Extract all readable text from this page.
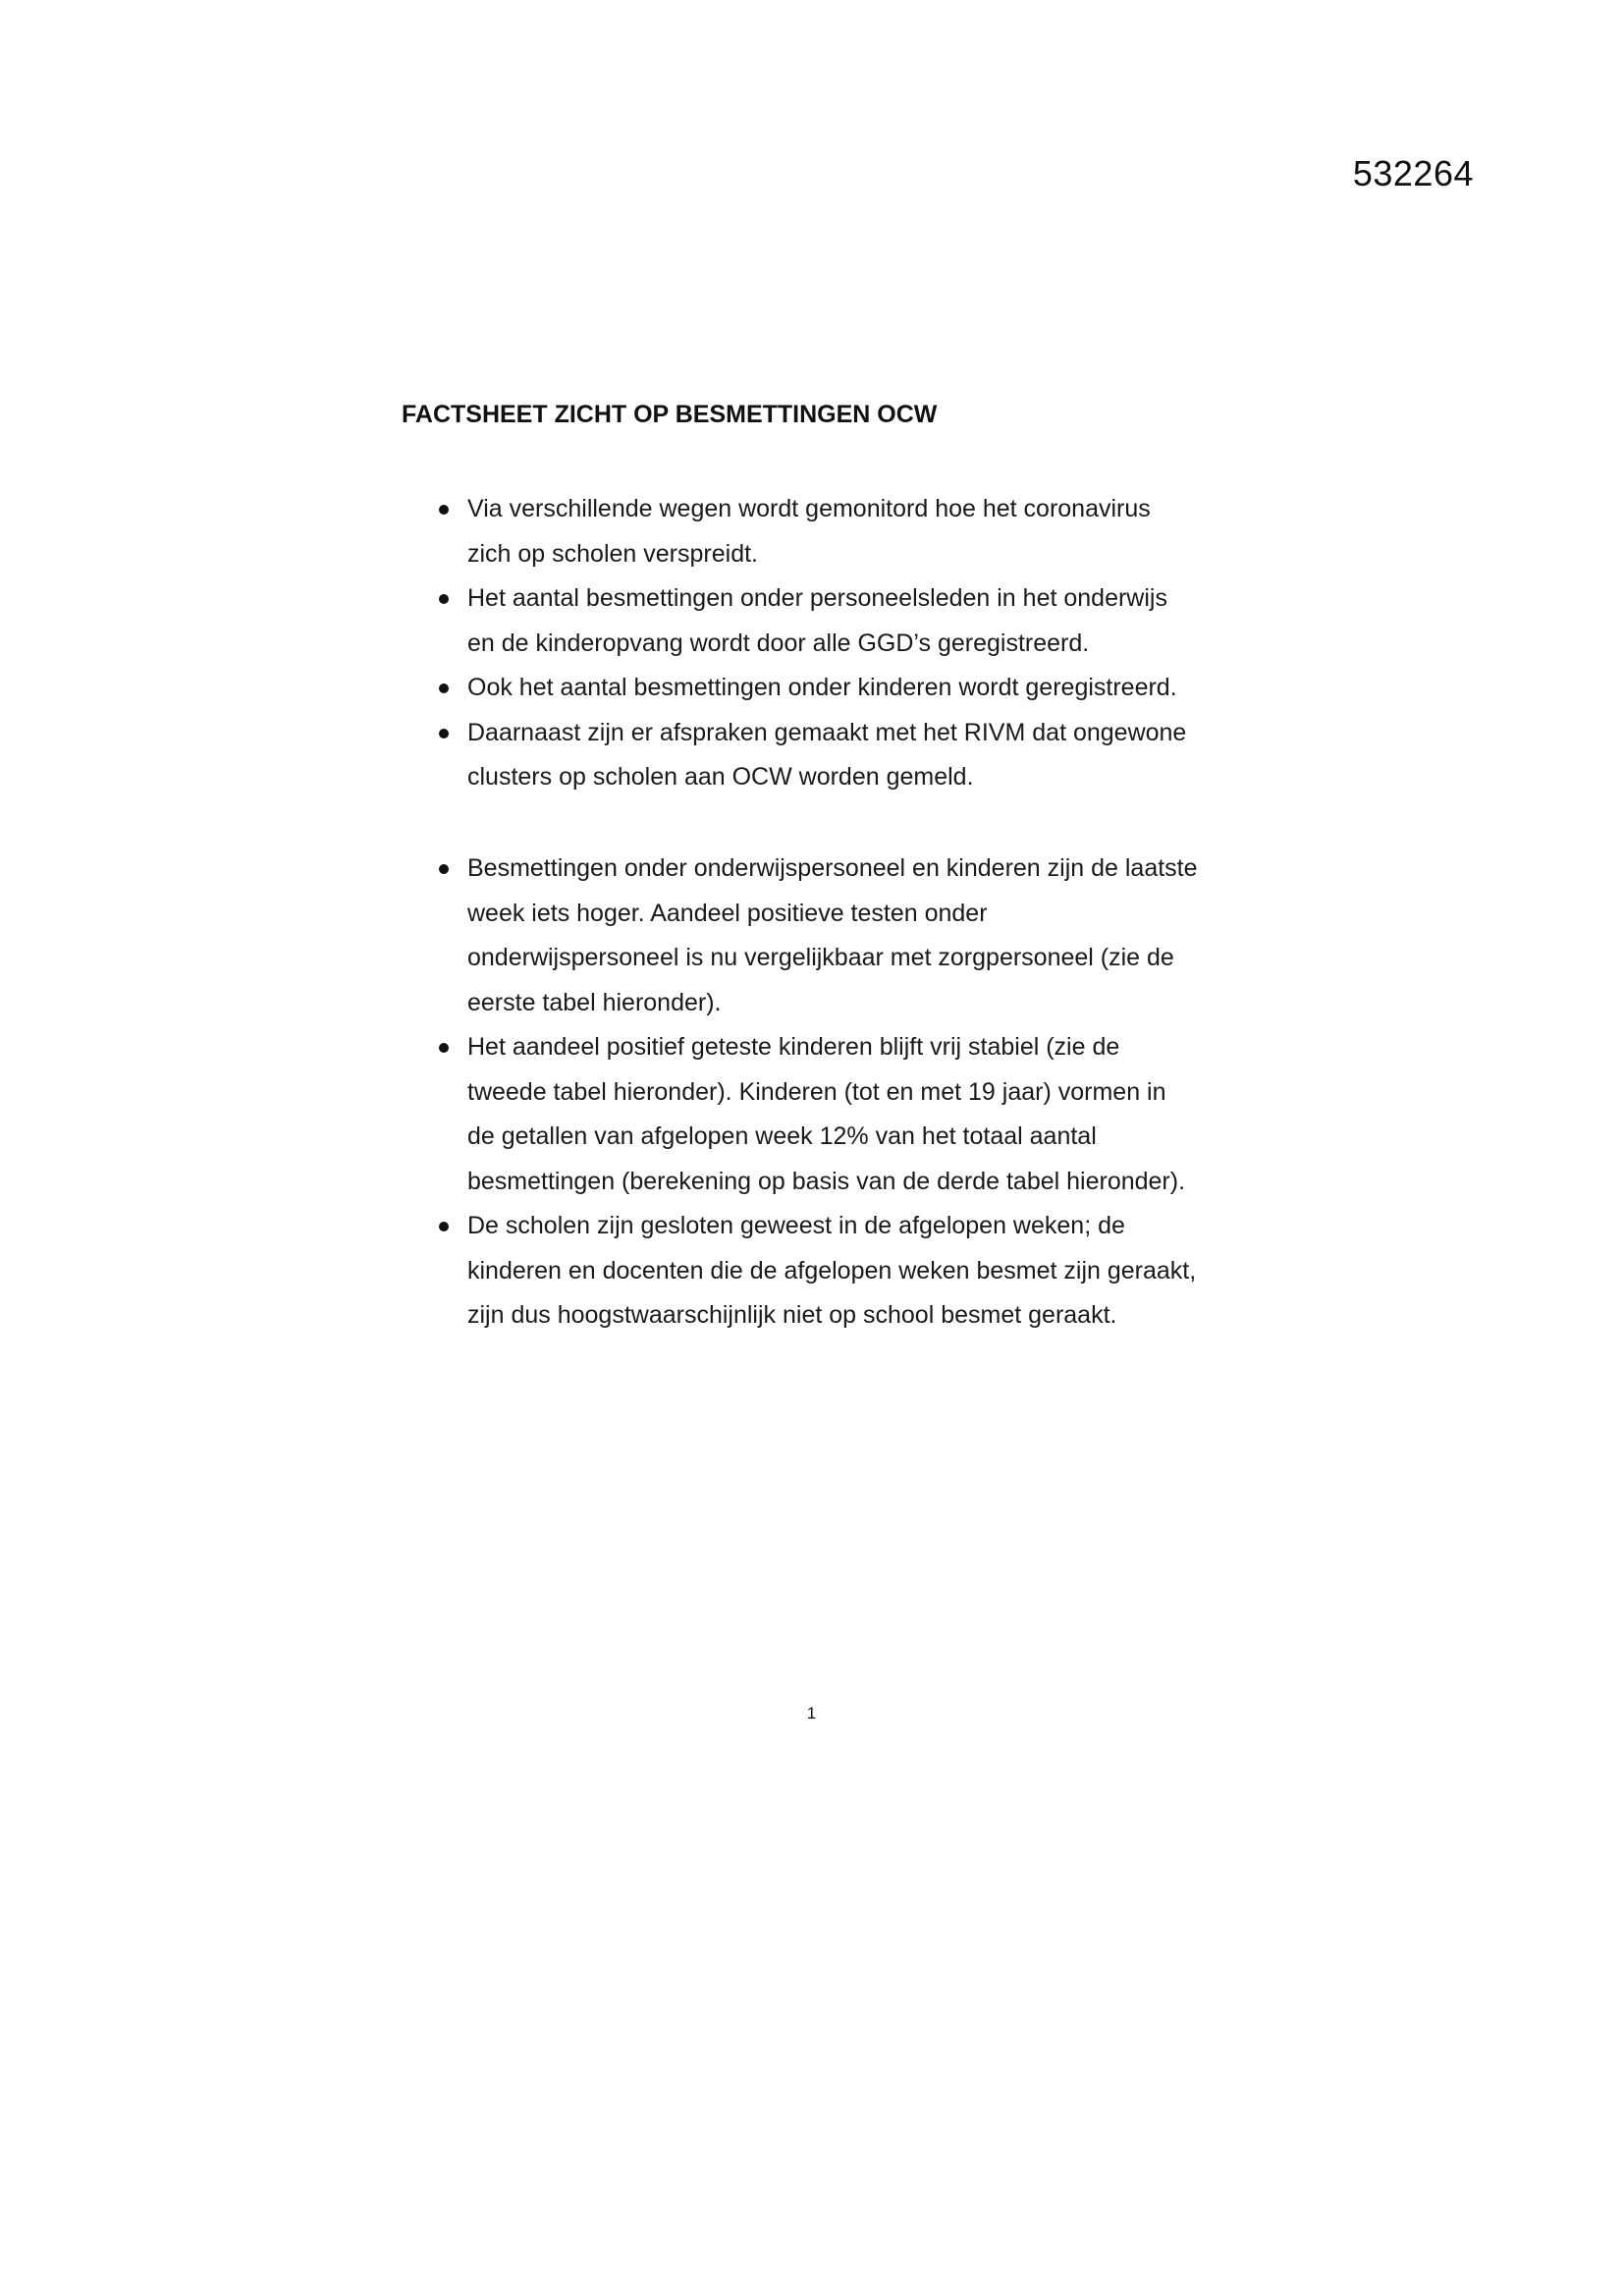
532264
FACTSHEET ZICHT OP BESMETTINGEN OCW
Via verschillende wegen wordt gemonitord hoe het coronavirus
zich op scholen verspreidt.
Het aantal besmettingen onder personeelsleden in het onderwijs
en de kinderopvang wordt door alle GGD’s geregistreerd.
Ook het aantal besmettingen onder kinderen wordt geregistreerd.
Daarnaast zijn er afspraken gemaakt met het RIVM dat ongewone
clusters op scholen aan OCW worden gemeld.
Besmettingen onder onderwijspersoneel en kinderen zijn de laatste
week iets hoger. Aandeel positieve testen onder
onderwijspersoneel is nu vergelijkbaar met zorgpersoneel (zie de
eerste tabel hieronder).
Het aandeel positief geteste kinderen blijft vrij stabiel (zie de
tweede tabel hieronder). Kinderen (tot en met 19 jaar) vormen in
de getallen van afgelopen week 12% van het totaal aantal
besmettingen (berekening op basis van de derde tabel hieronder).
De scholen zijn gesloten geweest in de afgelopen weken; de
kinderen en docenten die de afgelopen weken besmet zijn geraakt,
zijn dus hoogstwaarschijnlijk niet op school besmet geraakt.
1
